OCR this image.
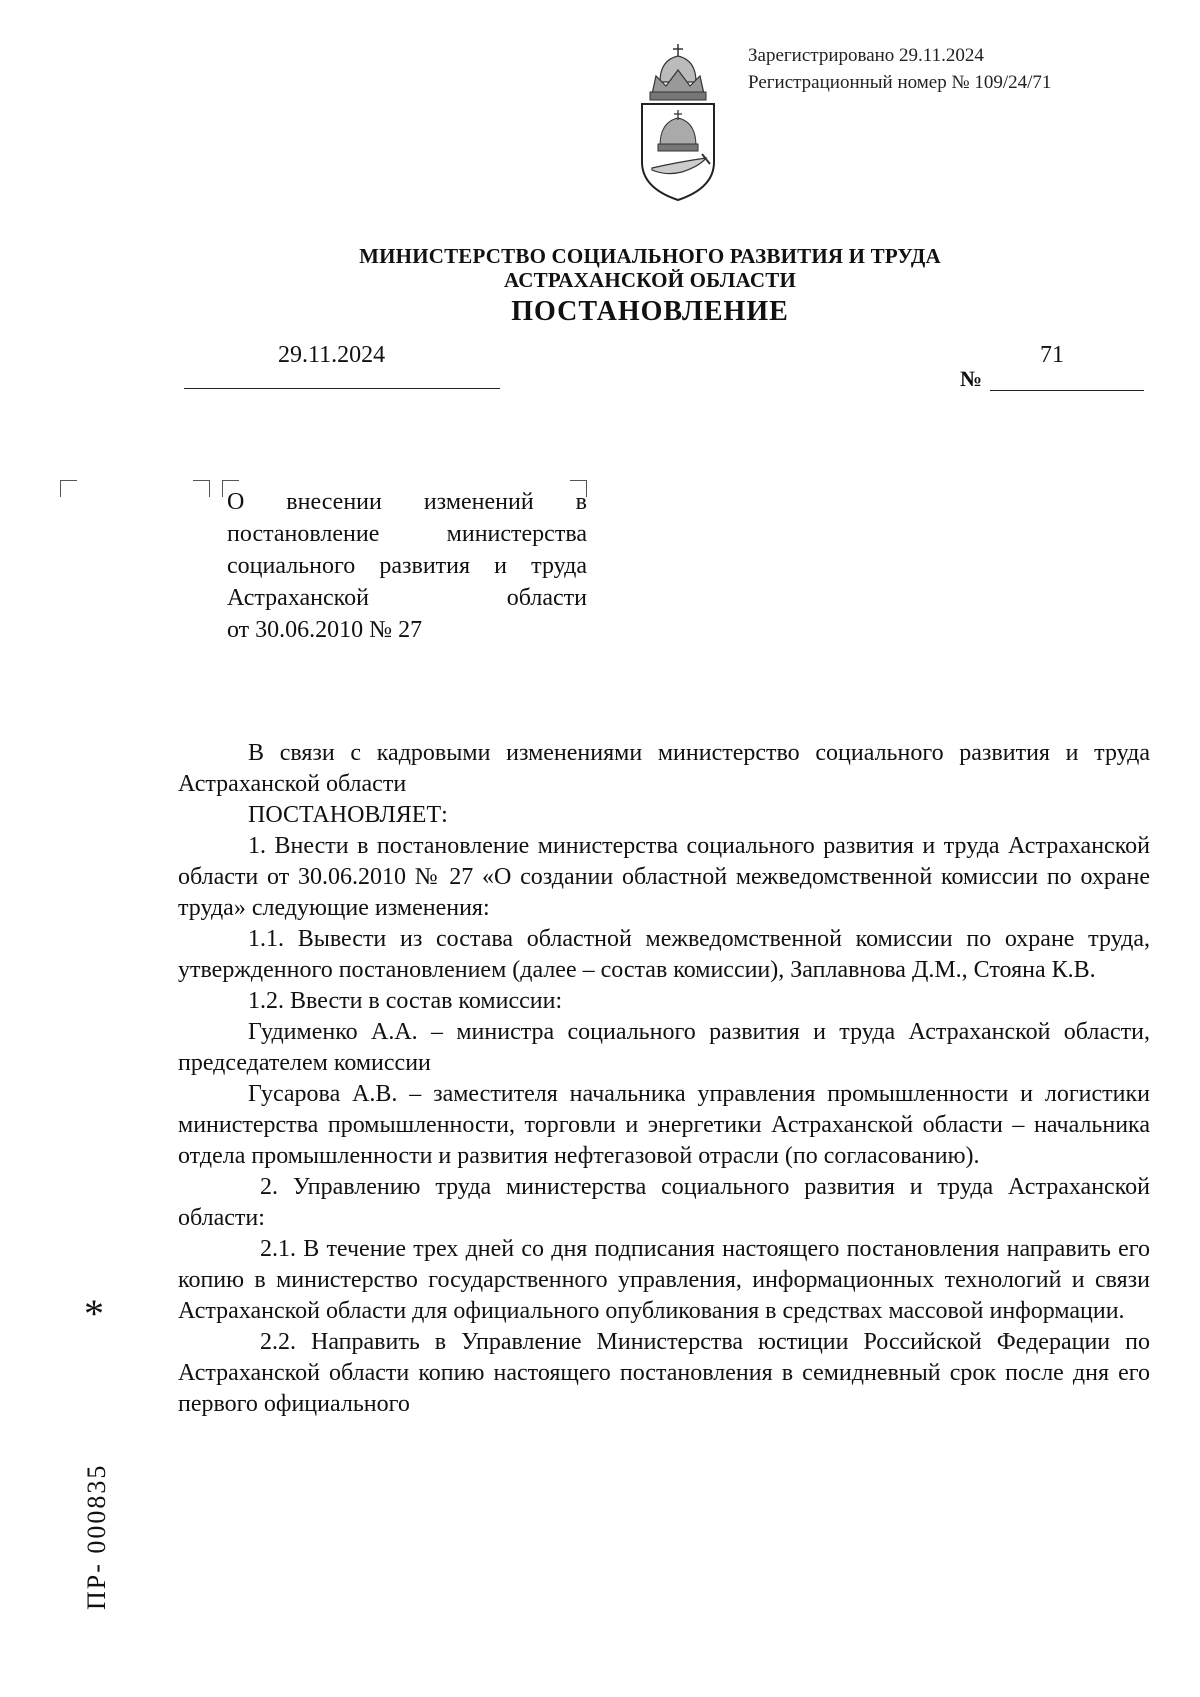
Зарегистрировано 29.11.2024
Регистрационный номер № 109/24/71
МИНИСТЕРСТВО СОЦИАЛЬНОГО РАЗВИТИЯ И ТРУДА
АСТРАХАНСКОЙ ОБЛАСТИ
ПОСТАНОВЛЕНИЕ
29.11.2024
№
71
О внесении изменений в постановление министерства социального развития и труда Астраханской области
от 30.06.2010 № 27

В связи с кадровыми изменениями министерство социального развития и труда Астраханской области

ПОСТАНОВЛЯЕТ:

1. Внести в постановление министерства социального развития и труда Астраханской области от 30.06.2010 № 27 «О создании областной межведомственной комиссии по охране труда» следующие изменения:

1.1. Вывести из состава областной межведомственной комиссии по охране труда, утвержденного постановлением (далее – состав комиссии), Заплавнова Д.М., Стояна К.В.

1.2. Ввести в состав комиссии:

Гудименко А.А. – министра социального развития и труда Астраханской области, председателем комиссии

Гусарова А.В. – заместителя начальника управления промышленности и логистики министерства промышленности, торговли и энергетики Астраханской области – начальника отдела промышленности и развития нефтегазовой отрасли (по согласованию).

2. Управлению труда министерства социального развития и труда Астраханской области:

2.1. В течение трех дней со дня подписания настоящего постановления направить его копию в министерство государственного управления, информационных технологий и связи Астраханской области для официального опубликования в средствах массовой информации.

2.2. Направить в Управление Министерства юстиции Российской Федерации по Астраханской области копию настоящего постановления в семидневный срок после дня его первого официального

*
ПР- 000835
